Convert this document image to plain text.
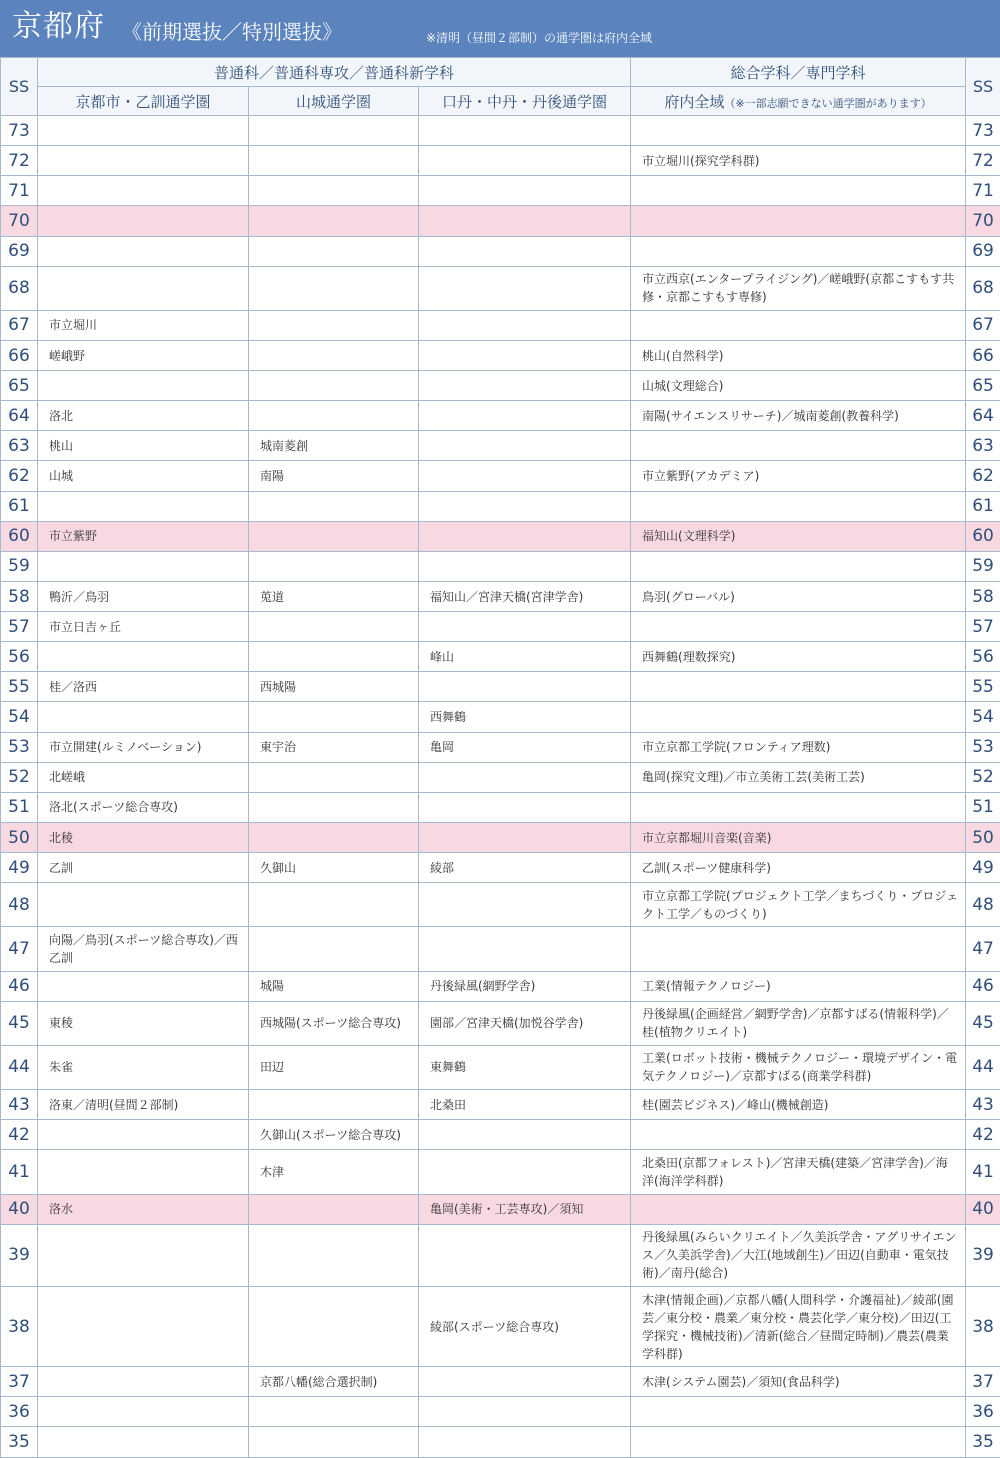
京都府 《前期選抜／特別選抜》	※清明（昼間２部制）の通学圏は府内全域
SS	普通科／普通科専攻／普通科新学科			総合学科／専門学科	SS
	京都市・乙訓通学圏	山城通学圏	口丹・中丹・丹後通学圏	府内全域（※一部志願できない通学圏があります）	
73					73
72				市立堀川(探究学科群)	72
71					71
70					70
69					69
68				市立西京(エンタープライジング)／嵯峨野(京都こすもす共修・京都こすもす専修)	68
67	市立堀川				67
66	嵯峨野			桃山(自然科学)	66
65				山城(文理総合)	65
64	洛北			南陽(サイエンスリサーチ)／城南菱創(教養科学)	64
63	桃山	城南菱創			63
62	山城	南陽		市立紫野(アカデミア)	62
61					61
60	市立紫野			福知山(文理科学)	60
59					59
58	鴨沂／鳥羽	莵道	福知山／宮津天橋(宮津学舎)	鳥羽(グローバル)	58
57	市立日吉ヶ丘				57
56			峰山	西舞鶴(理数探究)	56
55	桂／洛西	西城陽			55
54			西舞鶴		54
53	市立開建(ルミノベーション)	東宇治	亀岡	市立京都工学院(フロンティア理数)	53
52	北嵯峨			亀岡(探究文理)／市立美術工芸(美術工芸)	52
51	洛北(スポーツ総合専攻)				51
50	北稜			市立京都堀川音楽(音楽)	50
49	乙訓	久御山	綾部	乙訓(スポーツ健康科学)	49
48				市立京都工学院(プロジェクト工学／まちづくり・プロジェクト工学／ものづくり)	48
47	向陽／鳥羽(スポーツ総合専攻)／西乙訓				47
46		城陽	丹後緑風(網野学舎)	工業(情報テクノロジー)	46
45	東稜	西城陽(スポーツ総合専攻)	園部／宮津天橋(加悦谷学舎)	丹後緑風(企画経営／網野学舎)／京都すばる(情報科学)／桂(植物クリエイト)	45
44	朱雀	田辺	東舞鶴	工業(ロボット技術・機械テクノロジー・環境デザイン・電気テクノロジー)／京都すばる(商業学科群)	44
43	洛東／清明(昼間２部制)		北桑田	桂(園芸ビジネス)／峰山(機械創造)	43
42		久御山(スポーツ総合専攻)			42
41		木津		北桑田(京都フォレスト)／宮津天橋(建築／宮津学舎)／海洋(海洋学科群)	41
40	洛水		亀岡(美術・工芸専攻)／須知		40
39				丹後緑風(みらいクリエイト／久美浜学舎・アグリサイエンス／久美浜学舎)／大江(地域創生)／田辺(自動車・電気技術)／南丹(総合)	39
38			綾部(スポーツ総合専攻)	木津(情報企画)／京都八幡(人間科学・介護福祉)／綾部(園芸／東分校・農業／東分校・農芸化学／東分校)／田辺(工学探究・機械技術)／清新(総合／昼間定時制)／農芸(農業学科群)	38
37		京都八幡(総合選択制)		木津(システム園芸)／須知(食品科学)	37
36					36
35					35
